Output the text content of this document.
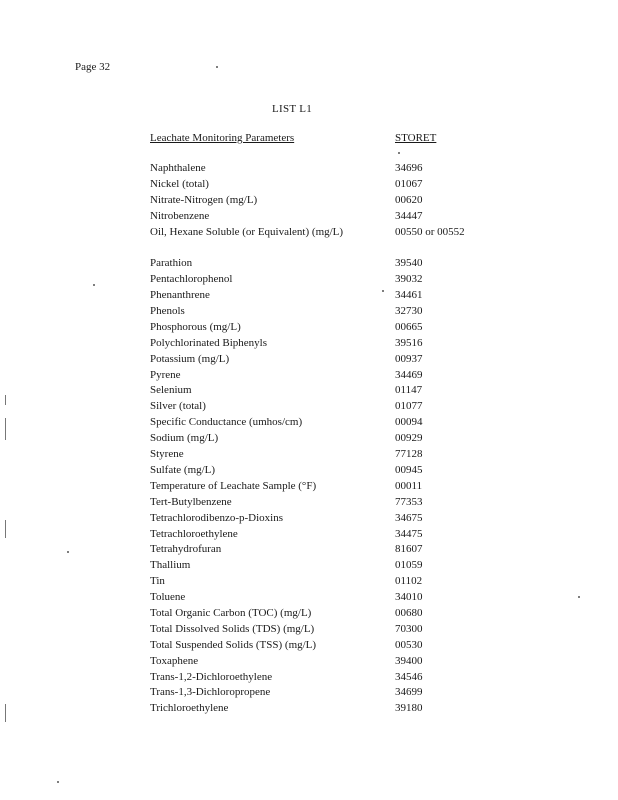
Page 32
LIST L1
Leachate Monitoring Parameters	STORET
Naphthalene	34696
Nickel (total)	01067
Nitrate-Nitrogen (mg/L)	00620
Nitrobenzene	34447
Oil, Hexane Soluble (or Equivalent) (mg/L)	00550 or 00552
Parathion	39540
Pentachlorophenol	39032
Phenanthrene	34461
Phenols	32730
Phosphorous (mg/L)	00665
Polychlorinated Biphenyls	39516
Potassium (mg/L)	00937
Pyrene	34469
Selenium	01147
Silver (total)	01077
Specific Conductance (umhos/cm)	00094
Sodium (mg/L)	00929
Styrene	77128
Sulfate (mg/L)	00945
Temperature of Leachate Sample (°F)	00011
Tert-Butylbenzene	77353
Tetrachlorodibenzo-p-Dioxins	34675
Tetrachloroethylene	34475
Tetrahydrofuran	81607
Thallium	01059
Tin	01102
Toluene	34010
Total Organic Carbon (TOC) (mg/L)	00680
Total Dissolved Solids (TDS) (mg/L)	70300
Total Suspended Solids (TSS) (mg/L)	00530
Toxaphene	39400
Trans-1,2-Dichloroethylene	34546
Trans-1,3-Dichloropropene	34699
Trichloroethylene	39180
